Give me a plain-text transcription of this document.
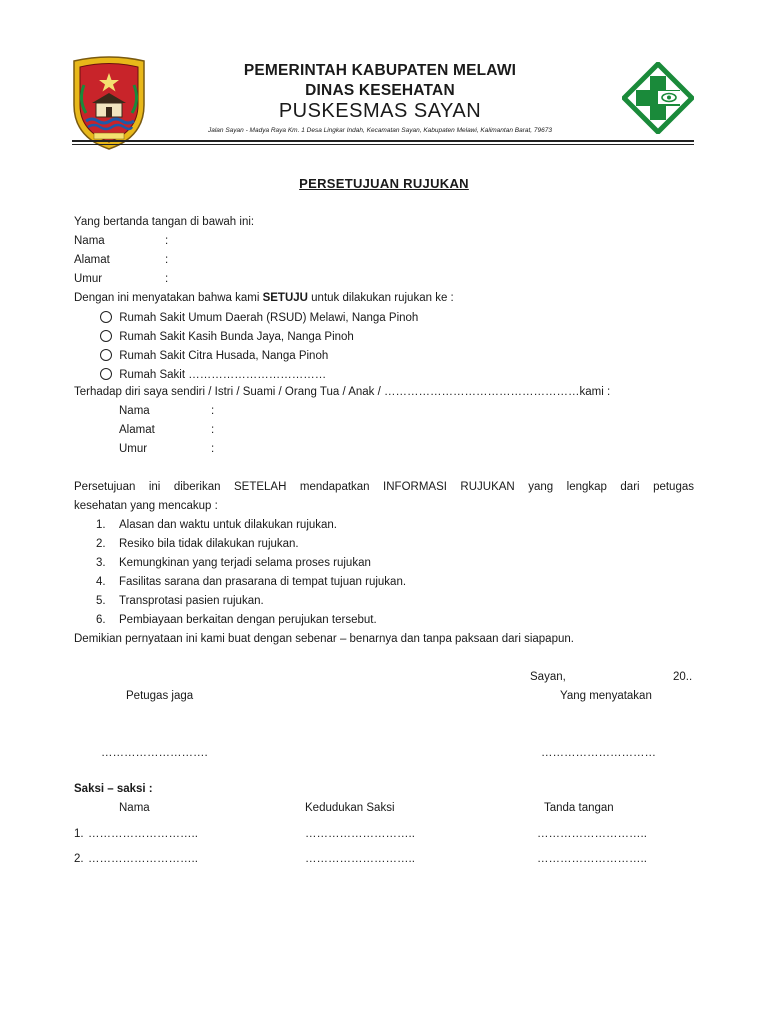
PEMERINTAH KABUPATEN MELAWI
DINAS KESEHATAN
PUSKESMAS SAYAN
Jalan Sayan - Madya Raya Km. 1 Desa Lingkar Indah, Kecamatan Sayan, Kabupaten Melawi, Kalimantan Barat, 79673
PERSETUJUAN RUJUKAN
Yang bertanda tangan di bawah ini:
Nama	:
Alamat	:
Umur	:
Dengan ini menyatakan bahwa kami SETUJU untuk dilakukan rujukan ke :
Rumah Sakit Umum Daerah (RSUD) Melawi, Nanga Pinoh
Rumah Sakit Kasih Bunda Jaya, Nanga Pinoh
Rumah Sakit Citra Husada, Nanga Pinoh
Rumah Sakit ………………………………
Terhadap diri saya sendiri / Istri / Suami / Orang Tua / Anak / ……………………………………………kami :
Nama	:
Alamat	:
Umur	:
Persetujuan ini diberikan SETELAH mendapatkan INFORMASI RUJUKAN yang lengkap dari petugas
kesehatan yang mencakup :
1. Alasan dan waktu untuk dilakukan rujukan.
2. Resiko bila tidak dilakukan rujukan.
3. Kemungkinan yang terjadi selama proses rujukan
4. Fasilitas sarana dan prasarana di tempat tujuan rujukan.
5. Transprotasi pasien rujukan.
6. Pembiayaan berkaitan dengan perujukan tersebut.
Demikian pernyataan ini kami buat dengan sebenar – benarnya dan tanpa paksaan dari siapapun.
Sayan,	20..
Petugas jaga	Yang menyatakan
……………………….	…………………………
Saksi – saksi :
Nama	Kedudukan Saksi	Tanda tangan
1. ………………………..	………………………..	………………………..
2. ………………………..	………………………..	………………………..
